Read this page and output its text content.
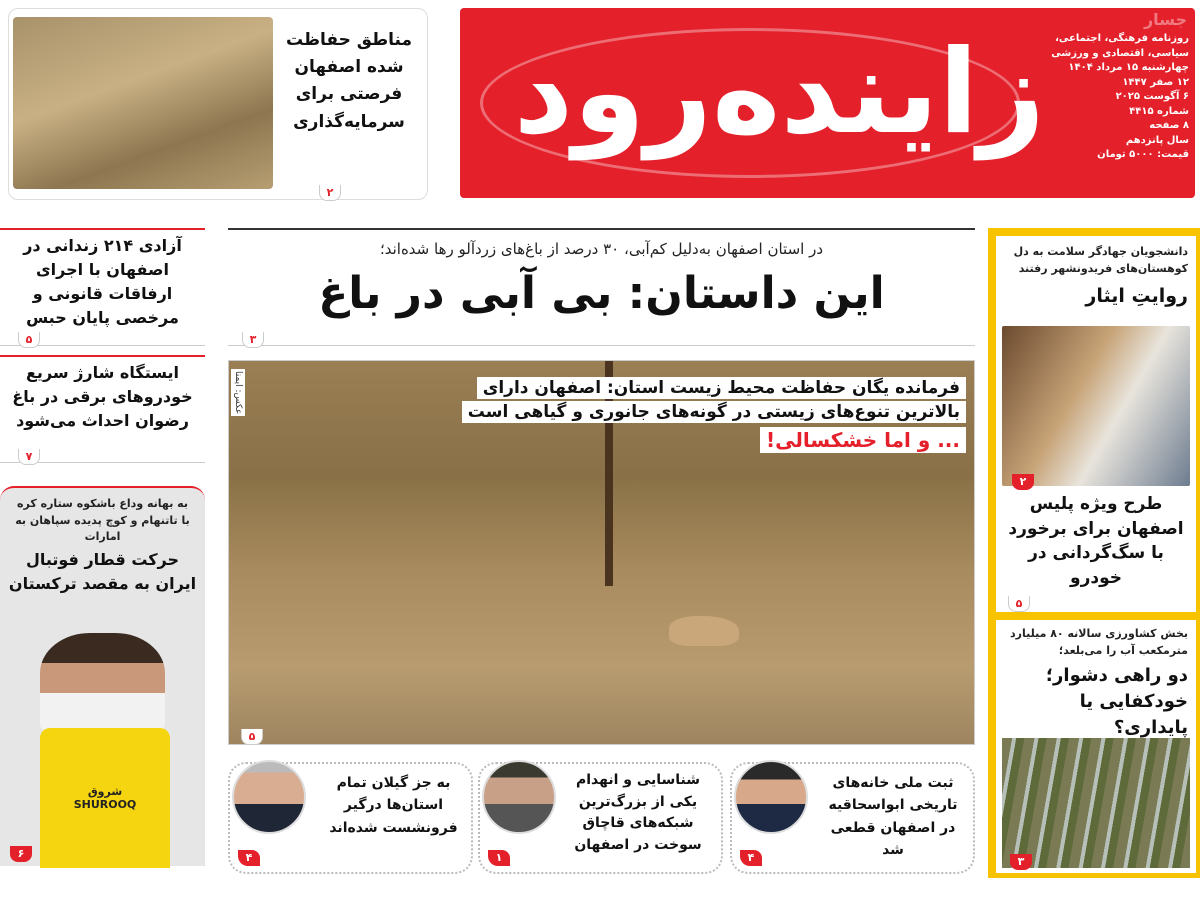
مناطق حفاظت شده اصفهان فرصتی برای سرمایه‌گذاری
۲
زاینده‌رود
جسار
روزنامه فرهنگی، اجتماعی،
سیاسی، اقتصادی و ورزشی
چهارشنبه ۱۵ مرداد ۱۴۰۴
۱۲ صفر ۱۴۴۷
۶ آگوست ۲۰۲۵
شماره ۴۴۱۵
۸ صفحه
سال پانزدهم
قیمت: ۵۰۰۰ تومان
در استان اصفهان به‌دلیل کم‌آبی، ۳۰ درصد از باغ‌های زردآلو رها شده‌اند؛
این داستان: بی آبی در باغ
۳
عکس: ایمنا	فرمانده یگان حفاظت محیط زیست استان: اصفهان دارای
بالاترین تنوع‌های زیستی در گونه‌های جانوری و گیاهی است
... و اما خشکسالی!
۵
آزادی ۲۱۴ زندانی در اصفهان با اجرای ارفاقات قانونی و مرخصی پایان حبس
۵
ایستگاه شارژ سریع خودروهای برقی در باغ رضوان احداث می‌شود
۷
به بهانه وداع باشکوه ستاره کره با تاتنهام و کوچ پدیده سپاهان به امارات
حرکت قطار فوتبال ایران به مقصد ترکستان
شروق SHUROOQ
۶
دانشجویان جهادگر سلامت به دل کوهستان‌های فریدونشهر رفتند
روایتِ ایثار
۲
طرح ویژه پلیس اصفهان برای برخورد با سگ‌گردانی در خودرو
۵
بخش کشاورزی سالانه ۸۰ میلیارد مترمکعب آب را می‌بلعد؛
دو راهی دشوار؛ خودکفایی یا پایداری؟
۳
ثبت ملی خانه‌های تاریخی ابواسحاقیه در اصفهان قطعی شد
۴
شناسایی و انهدام یکی از بزرگ‌ترین شبکه‌های قاچاق سوخت در اصفهان
۱
به جز گیلان تمام استان‌ها درگیر فرونشست شده‌اند
۴
